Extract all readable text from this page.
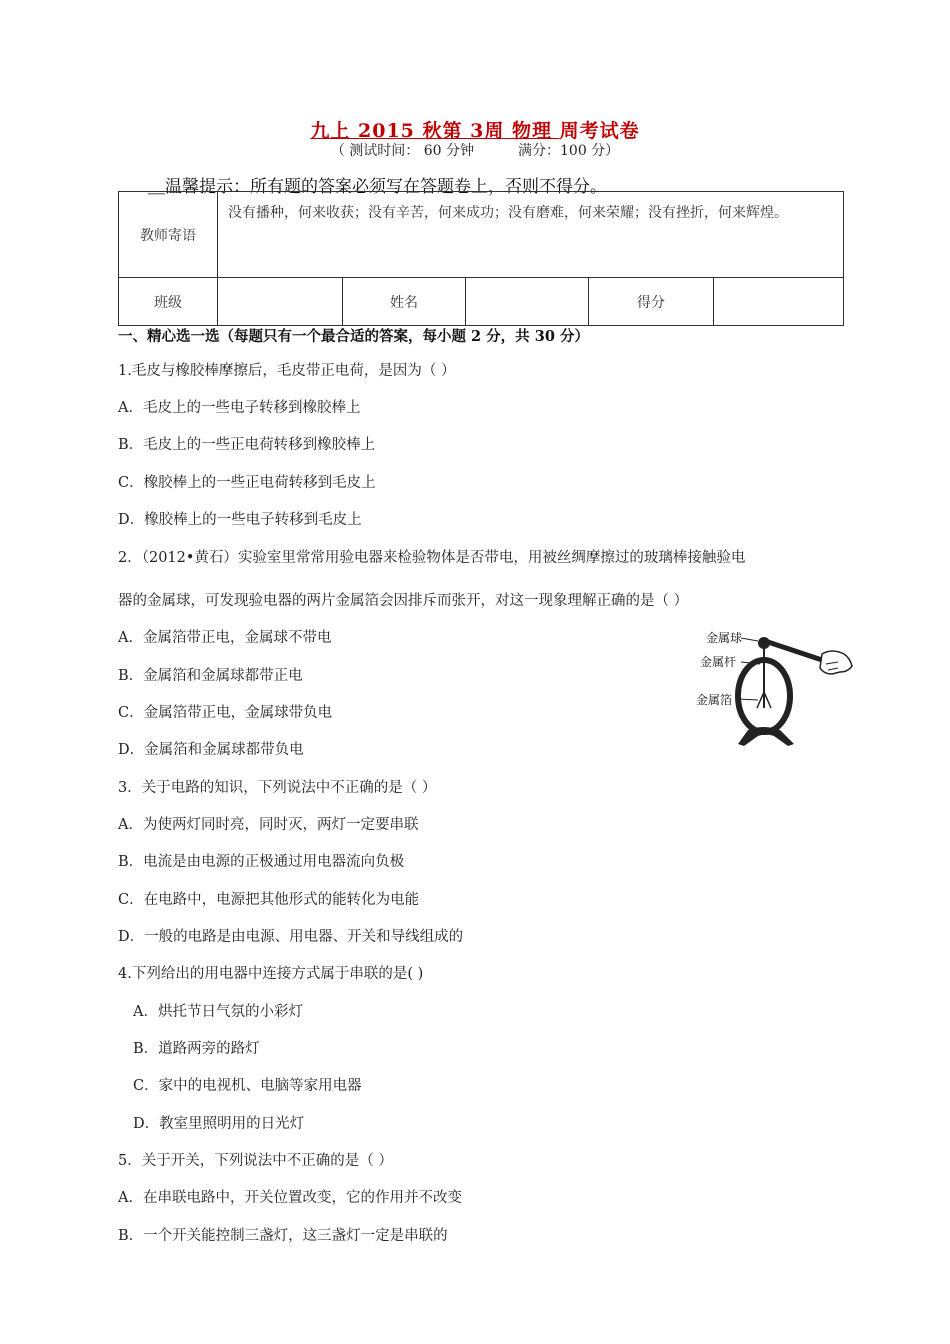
九上 2015 秋第 3周 物理 周考试卷
（ 测试时间： 60 分钟	满分：100 分）
＿温馨提示：所有题的答案必须写在答题卷上，否则不得分。
教师寄语	没有播种，何来收获；没有辛苦，何来成功；没有磨难，何来荣耀；没有挫折，何来辉煌。				
班级		姓名		得分	
一、精心选一选（每题只有一个最合适的答案，每小题 2 分，共 30 分）
1.毛皮与橡胶棒摩擦后，毛皮带正电荷，是因为（ ）
A．毛皮上的一些电子转移到橡胶棒上
B．毛皮上的一些正电荷转移到橡胶棒上
C．橡胶棒上的一些正电荷转移到毛皮上
D．橡胶棒上的一些电子转移到毛皮上
2．（2012•黄石）实验室里常常用验电器来检验物体是否带电，用被丝绸摩擦过的玻璃棒接触验电
器的金属球，可发现验电器的两片金属箔会因排斥而张开，对这一现象理解正确的是（ ）
A．金属箔带正电，金属球不带电
B．金属箔和金属球都带正电
C．金属箔带正电，金属球带负电
D．金属箔和金属球都带负电
金属球
金属杆
金属箔
3．关于电路的知识，下列说法中不正确的是（ ）
A．为使两灯同时亮，同时灭，两灯一定要串联
B．电流是由电源的正极通过用电器流向负极
C．在电路中，电源把其他形式的能转化为电能
D．一般的电路是由电源、用电器、开关和导线组成的
4.下列给出的用电器中连接方式属于串联的是( )
A．烘托节日气氛的小彩灯
B．道路两旁的路灯
C．家中的电视机、电脑等家用电器
D．教室里照明用的日光灯
5．关于开关，下列说法中不正确的是（ ）
A．在串联电路中，开关位置改变，它的作用并不改变
B．一个开关能控制三盏灯，这三盏灯一定是串联的
